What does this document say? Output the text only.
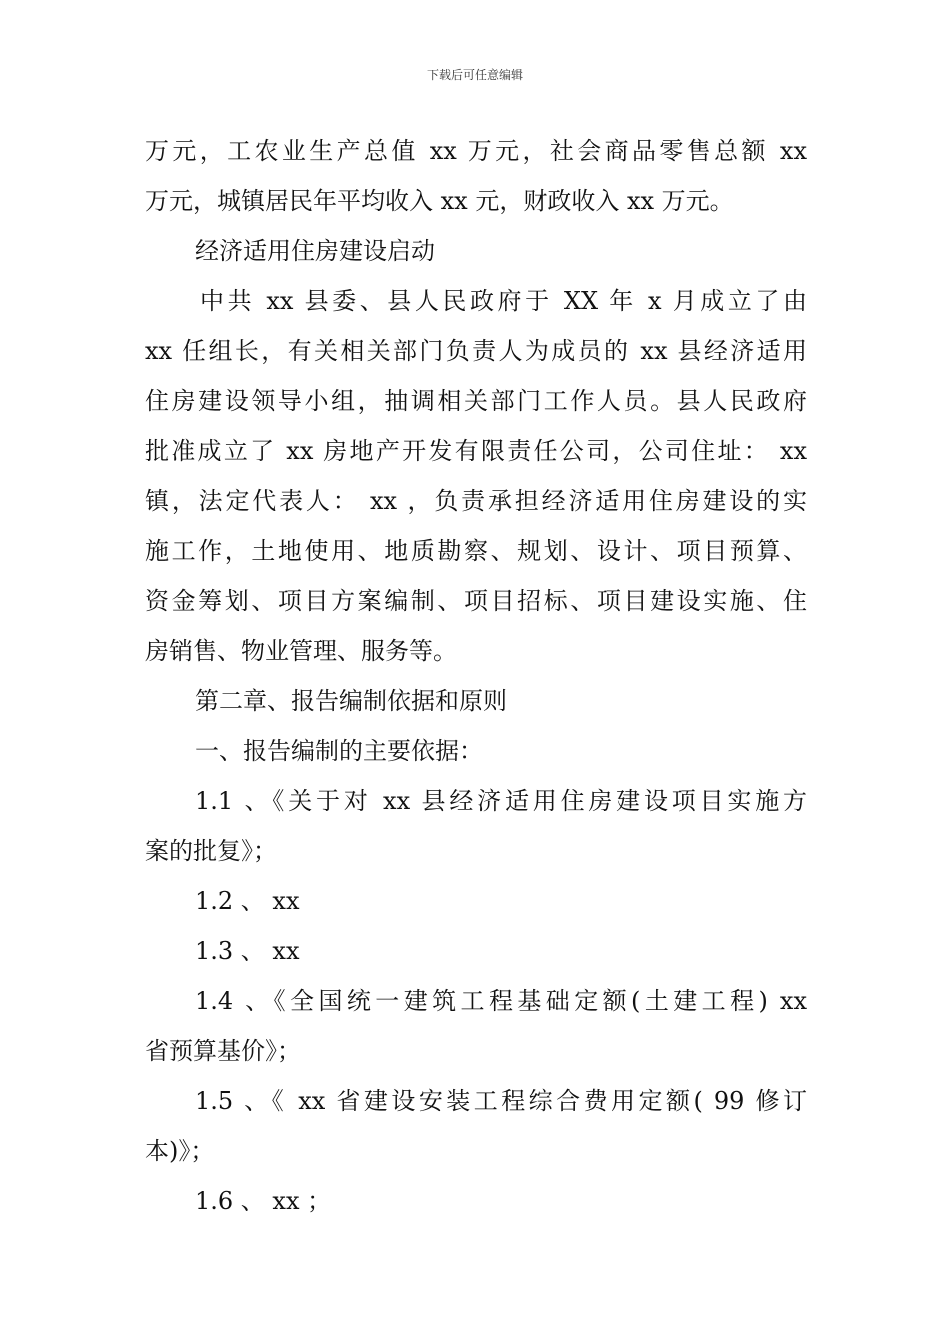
下载后可任意编辑
万元，工农业生产总值 xx 万元，社会商品零售总额 xx
万元，城镇居民年平均收入 xx 元，财政收入 xx 万元。
经济适用住房建设启动
中共 xx 县委、县人民政府于 XX 年 x 月成立了由
xx 任组长，有关相关部门负责人为成员的 xx 县经济适用
住房建设领导小组，抽调相关部门工作人员。县人民政府
批准成立了 xx 房地产开发有限责任公司，公司住址： xx
镇，法定代表人： xx ，负责承担经济适用住房建设的实
施工作，土地使用、地质勘察、规划、设计、项目预算、
资金筹划、项目方案编制、项目招标、项目建设实施、住
房销售、物业管理、服务等。
第二章、报告编制依据和原则
一、报告编制的主要依据：
1.1 、《关于对 xx 县经济适用住房建设项目实施方
案的批复》；
1.2 、 xx
1.3 、 xx
1.4 、《全国统一建筑工程基础定额(土建工程) xx
省预算基价》；
1.5 、《 xx 省建设安装工程综合费用定额( 99 修订
本)》；
1.6 、 xx ；
